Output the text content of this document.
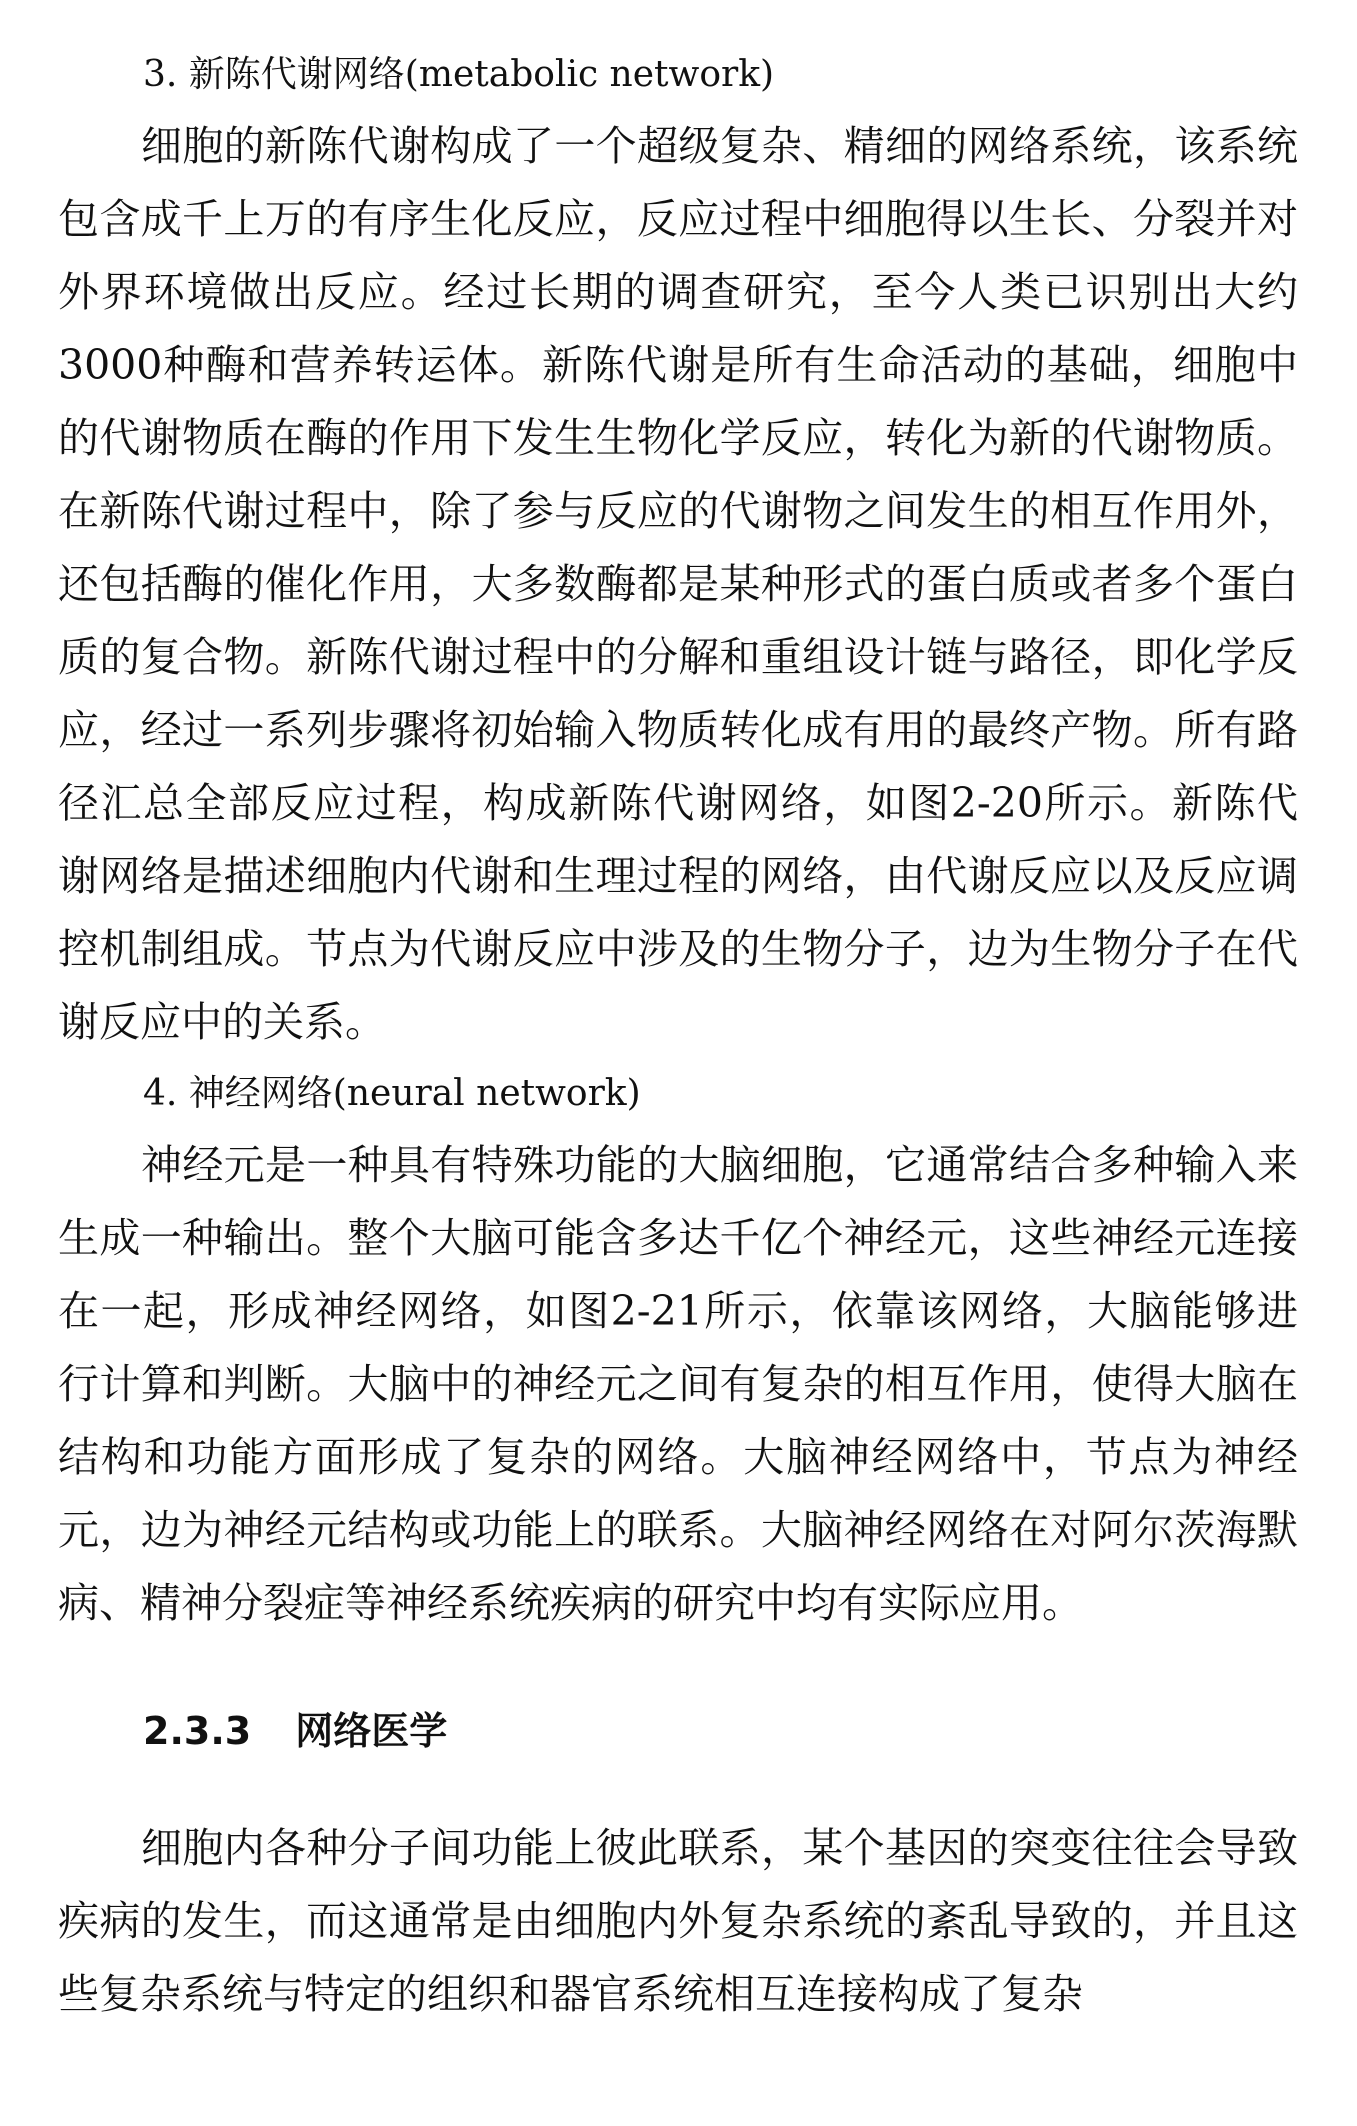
3. 新陈代谢网络(metabolic network)

细胞的新陈代谢构成了一个超级复杂、精细的网络系统，该系统包含成千上万的有序生化反应，反应过程中细胞得以生长、分裂并对外界环境做出反应。经过长期的调查研究，至今人类已识别出大约3000种酶和营养转运体。新陈代谢是所有生命活动的基础，细胞中的代谢物质在酶的作用下发生生物化学反应，转化为新的代谢物质。在新陈代谢过程中，除了参与反应的代谢物之间发生的相互作用外，还包括酶的催化作用，大多数酶都是某种形式的蛋白质或者多个蛋白质的复合物。新陈代谢过程中的分解和重组设计链与路径，即化学反应，经过一系列步骤将初始输入物质转化成有用的最终产物。所有路径汇总全部反应过程，构成新陈代谢网络，如图2-20所示。新陈代谢网络是描述细胞内代谢和生理过程的网络，由代谢反应以及反应调控机制组成。节点为代谢反应中涉及的生物分子，边为生物分子在代谢反应中的关系。

4. 神经网络(neural network)

神经元是一种具有特殊功能的大脑细胞，它通常结合多种输入来生成一种输出。整个大脑可能含多达千亿个神经元，这些神经元连接在一起，形成神经网络，如图2-21所示，依靠该网络，大脑能够进行计算和判断。大脑中的神经元之间有复杂的相互作用，使得大脑在结构和功能方面形成了复杂的网络。大脑神经网络中，节点为神经元，边为神经元结构或功能上的联系。大脑神经网络在对阿尔茨海默病、精神分裂症等神经系统疾病的研究中均有实际应用。

2.3.3 网络医学

细胞内各种分子间功能上彼此联系，某个基因的突变往往会导致疾病的发生，而这通常是由细胞内外复杂系统的紊乱导致的，并且这些复杂系统与特定的组织和器官系统相互连接构成了复杂
